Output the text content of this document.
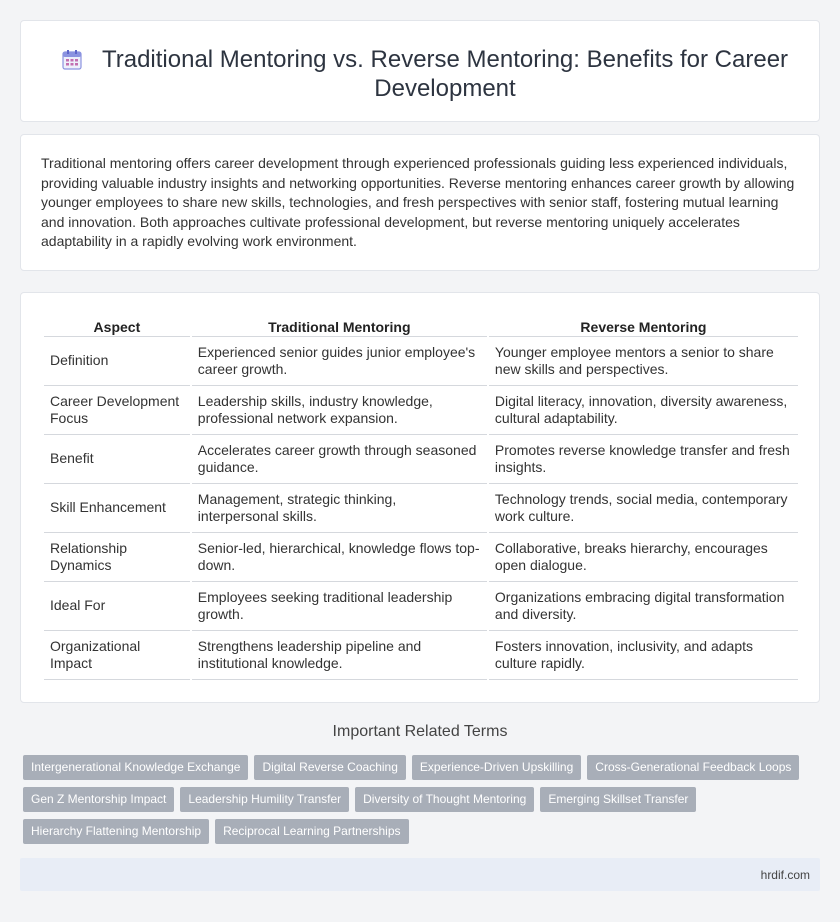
Traditional Mentoring vs. Reverse Mentoring: Benefits for Career Development

Traditional mentoring offers career development through experienced professionals guiding less experienced individuals, providing valuable industry insights and networking opportunities. Reverse mentoring enhances career growth by allowing younger employees to share new skills, technologies, and fresh perspectives with senior staff, fostering mutual learning and innovation. Both approaches cultivate professional development, but reverse mentoring uniquely accelerates adaptability in a rapidly evolving work environment.

Aspect	Traditional Mentoring	Reverse Mentoring
Definition	Experienced senior guides junior employee's career growth.	Younger employee mentors a senior to share new skills and perspectives.
Career Development Focus	Leadership skills, industry knowledge, professional network expansion.	Digital literacy, innovation, diversity awareness, cultural adaptability.
Benefit	Accelerates career growth through seasoned guidance.	Promotes reverse knowledge transfer and fresh insights.
Skill Enhancement	Management, strategic thinking, interpersonal skills.	Technology trends, social media, contemporary work culture.
Relationship Dynamics	Senior-led, hierarchical, knowledge flows top-down.	Collaborative, breaks hierarchy, encourages open dialogue.
Ideal For	Employees seeking traditional leadership growth.	Organizations embracing digital transformation and diversity.
Organizational Impact	Strengthens leadership pipeline and institutional knowledge.	Fosters innovation, inclusivity, and adapts culture rapidly.
Important Related Terms
Intergenerational Knowledge Exchange	Digital Reverse Coaching	Experience-Driven Upskilling	Cross-Generational Feedback Loops
Gen Z Mentorship Impact	Leadership Humility Transfer	Diversity of Thought Mentoring	Emerging Skillset Transfer
Hierarchy Flattening Mentorship	Reciprocal Learning Partnerships
hrdif.com
